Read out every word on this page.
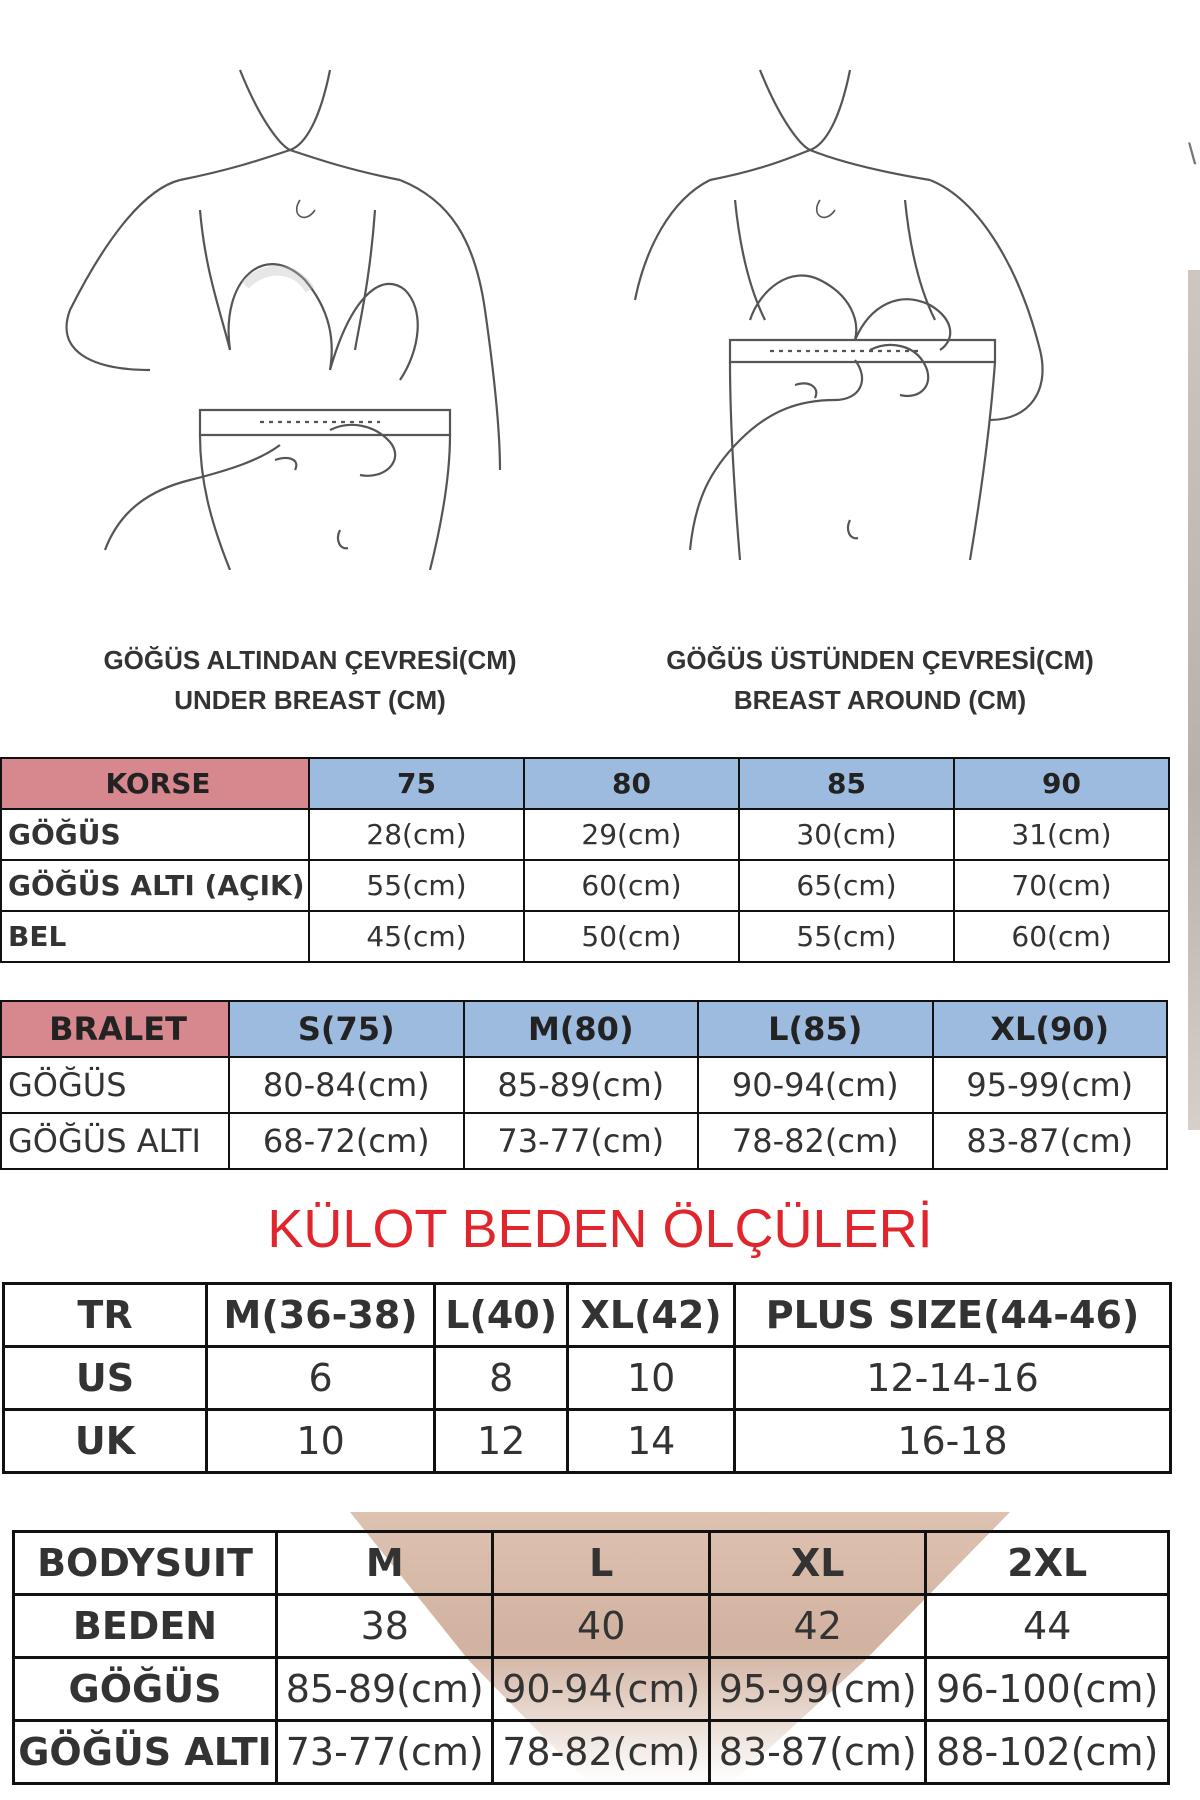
\
GÖĞÜS ALTINDAN ÇEVRESİ(CM)
UNDER BREAST (CM)
GÖĞÜS ÜSTÜNDEN ÇEVRESİ(CM)
BREAST AROUND (CM)
KORSE	75	80	85	90
GÖĞÜS	28(cm)	29(cm)	30(cm)	31(cm)
GÖĞÜS ALTI (AÇIK)	55(cm)	60(cm)	65(cm)	70(cm)
BEL	45(cm)	50(cm)	55(cm)	60(cm)
BRALET	S(75)	M(80)	L(85)	XL(90)
GÖĞÜS	80-84(cm)	85-89(cm)	90-94(cm)	95-99(cm)
GÖĞÜS ALTI	68-72(cm)	73-77(cm)	78-82(cm)	83-87(cm)
KÜLOT BEDEN ÖLÇÜLERİ
TR	M(36-38)	L(40)	XL(42)	PLUS SIZE(44-46)
US	6	8	10	12-14-16
UK	10	12	14	16-18
BODYSUIT	M	L	XL	2XL
BEDEN	38	40	42	44
GÖĞÜS	85-89(cm)	90-94(cm)	95-99(cm)	96-100(cm)
GÖĞÜS ALTI	73-77(cm)	78-82(cm)	83-87(cm)	88-102(cm)
